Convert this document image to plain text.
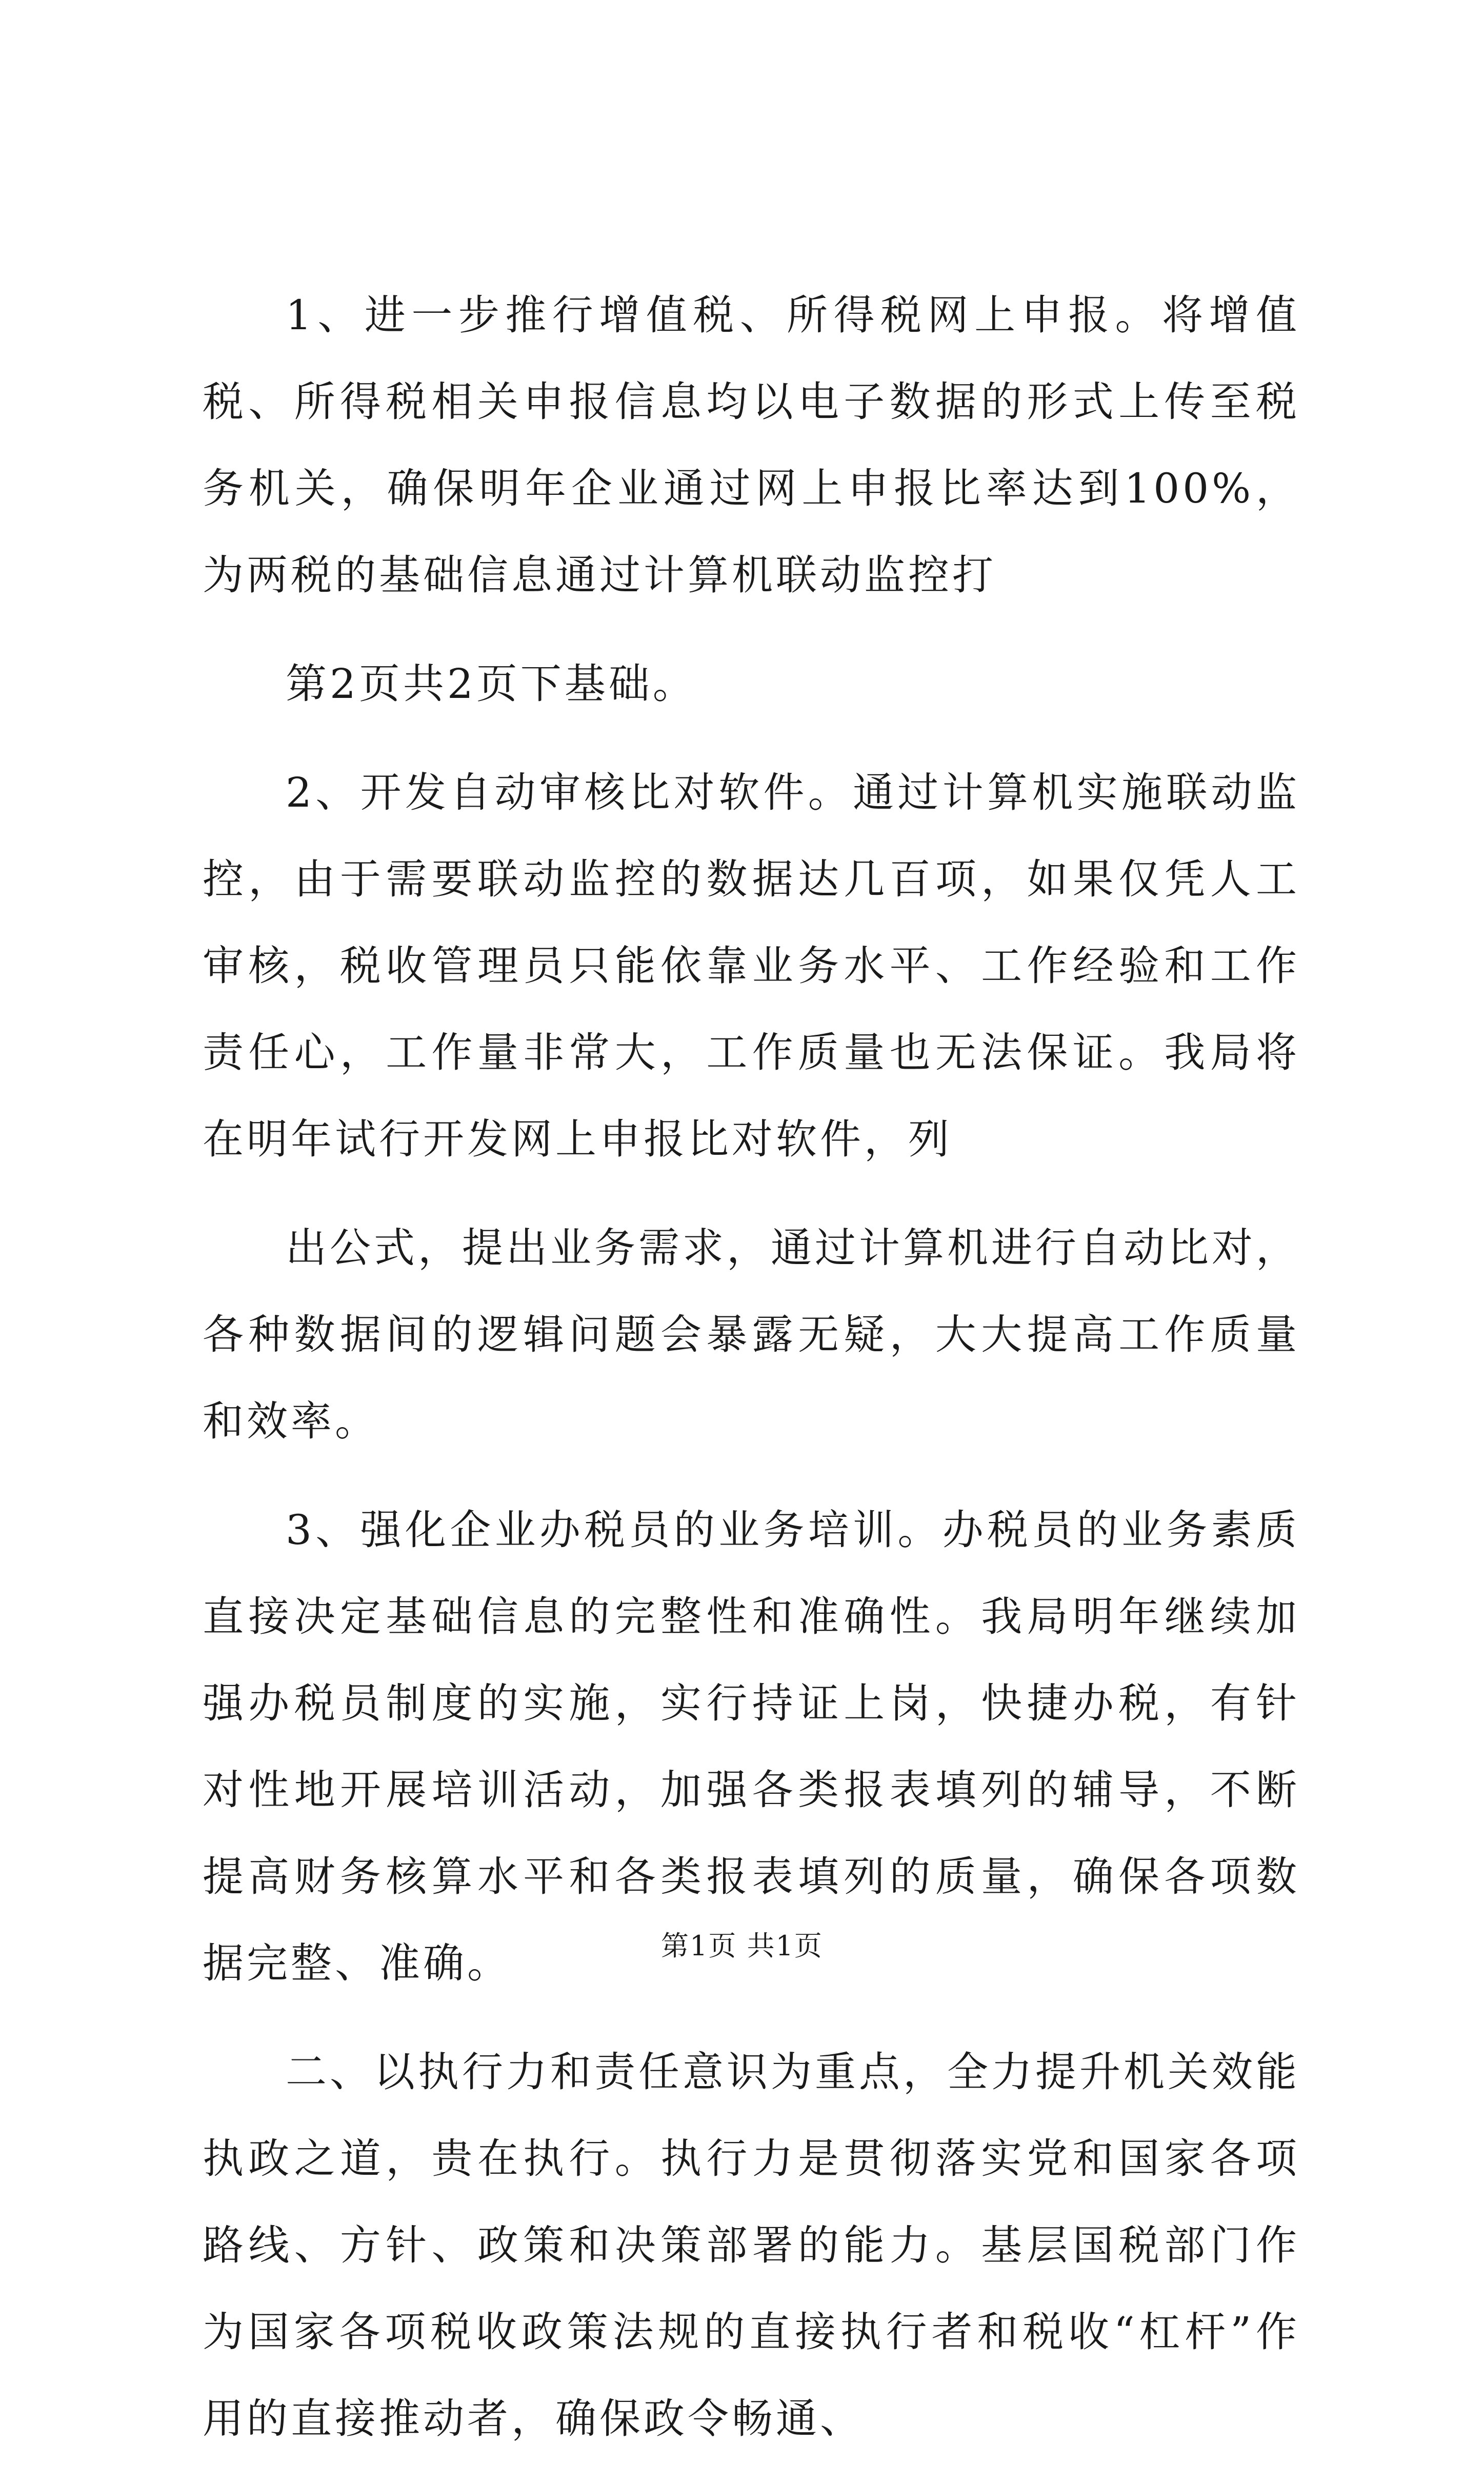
1、进一步推行增值税、所得税网上申报。将增值税、所得税相关申报信息均以电子数据的形式上传至税务机关，确保明年企业通过网上申报比率达到100%，为两税的基础信息通过计算机联动监控打

第2页共2页下基础。

2、开发自动审核比对软件。通过计算机实施联动监控，由于需要联动监控的数据达几百项，如果仅凭人工审核，税收管理员只能依靠业务水平、工作经验和工作责任心，工作量非常大，工作质量也无法保证。我局将在明年试行开发网上申报比对软件，列

出公式，提出业务需求，通过计算机进行自动比对，各种数据间的逻辑问题会暴露无疑，大大提高工作质量和效率。

3、强化企业办税员的业务培训。办税员的业务素质直接决定基础信息的完整性和准确性。我局明年继续加强办税员制度的实施，实行持证上岗，快捷办税，有针对性地开展培训活动，加强各类报表填列的辅导，不断提高财务核算水平和各类报表填列的质量，确保各项数据完整、准确。

二、以执行力和责任意识为重点，全力提升机关效能执政之道，贵在执行。执行力是贯彻落实党和国家各项路线、方针、政策和决策部署的能力。基层国税部门作为国家各项税收政策法规的直接执行者和税收“杠杆”作用的直接推动者，确保政令畅通、

第1页 共1页
